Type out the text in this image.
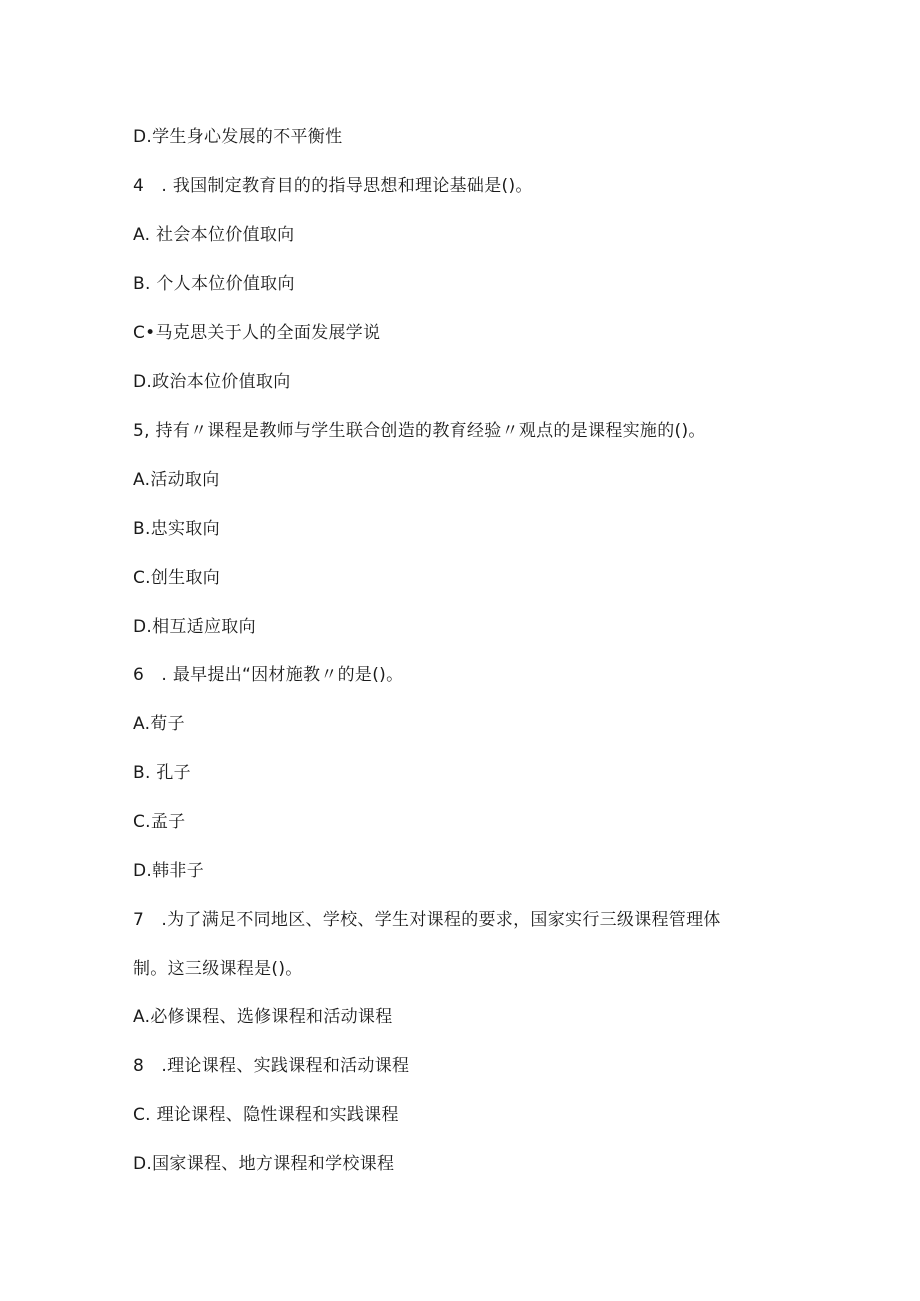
D.学生身心发展的不平衡性
4　. 我国制定教育目的的指导思想和理论基础是()。
A. 社会本位价值取向
B. 个人本位价值取向
C•马克思关于人的全面发展学说
D.政治本位价值取向
5, 持有〃课程是教师与学生联合创造的教育经验〃观点的是课程实施的()。
A.活动取向
B.忠实取向
C.创生取向
D.相互适应取向
6　. 最早提出“因材施教〃的是()。
A.荀子
B. 孔子
C.孟子
D.韩非子
7　.为了满足不同地区、学校、学生对课程的要求，国家实行三级课程管理体
制。这三级课程是()。
A.必修课程、选修课程和活动课程
8　.理论课程、实践课程和活动课程
C. 理论课程、隐性课程和实践课程
D.国家课程、地方课程和学校课程
